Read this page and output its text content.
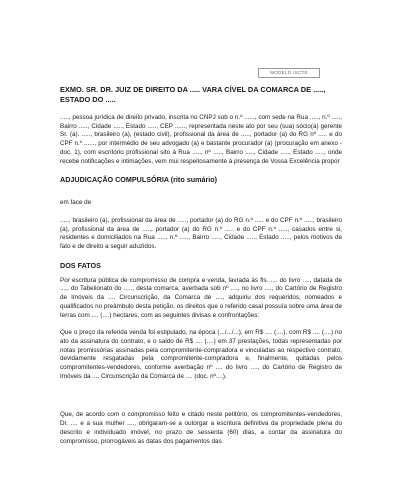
MODELO ISCTE

EXMO. SR. DR. JUIZ DE DIREITO DA ..... VARA CÍVEL DA COMARCA DE ....., ESTADO DO .....

....., pessoa jurídica de direito privado, inscrita no CNPJ sob o n.º ......, com sede na Rua ....., n.º ....., Bairro ....., Cidade ....., Estado ....., CEP ......, representada neste ato por seu (sua) sócio(a) gerente Sr. (a). ....., brasileiro (a), (estado civil), profissional da área de ....., portador (a) do RG nº ..... e do CPF n.º ......, por intermédio de seu advogado (a) e bastante procurador (a) (procuração em anexo - doc. 1), com escritório profissional sito à Rua ....., nº ....., Bairro ....., Cidade ....., Estado ....., onde recebe notificações e intimações, vem mui respeitosamente à presença de Vossa Excelência propor

ADJUDICAÇÃO COMPULSÓRIA (rito sumário)

em face de

....., brasileiro (a), profissional da área de ....., portador (a) do RG n.º ..... e do CPF n.º ....., brasileiro (a), profissional da área de ....., portador (a) do RG n.º ..... e do CPF n.º ....., casados entre si, residentes e domiciliados na Rua ....., n.º ....., Bairro ....., Cidade ....., Estado ....., pelos motivos de fato e de direito a seguir aduzidos.

DOS FATOS

Por escritura pública de compromisso de compra e venda, lavrada às fls. .... do livro ...., datada de ...., do Tabelionato do ....., desta comarca, averbada sob nº ...., no livro ...., do Cartório de Registro de Imóveis da .... Circunscrição, da Comarca de ...., adquiriu dos requeridos, nomeados e qualificados no preâmbulo desta petição, os direitos que o referido casal possuía sobre uma área de terras com .... (....) hectares, com as seguintes divisas e confrontações:

Que o preço da referida venda foi estipulado, na época (.../.../...), em R$ .... (....), com R$ .... (....) no ato da assinatura do contrato, e o saldo de R$ .... (....) em 37 prestações, todas representadas por notas promissórias assinadas pela compromitente-compradora e vinculadas ao respectivo contrato, devidamente resgatadas pela compromitente-compradora e, finalmente, quitadas pelos compromitentes-vendedores, conforme averbação nº .... do livro ...., do Cartório de Registro de Imóveis da .... Circunscrição da Comarca de .... (doc. nº....).

Que, de acordo com o compromisso feito e citado neste petitório, os compromitentes-vendedores, Dr. .... e a sua mulher ...., obrigaram-se a outorgar a escritura definitiva da propriedade plena do descrito e individuado imóvel, no prazo de sessenta (60) dias, a contar da assinatura do compromisso, prorrogáveis as datas dos pagamentos das
